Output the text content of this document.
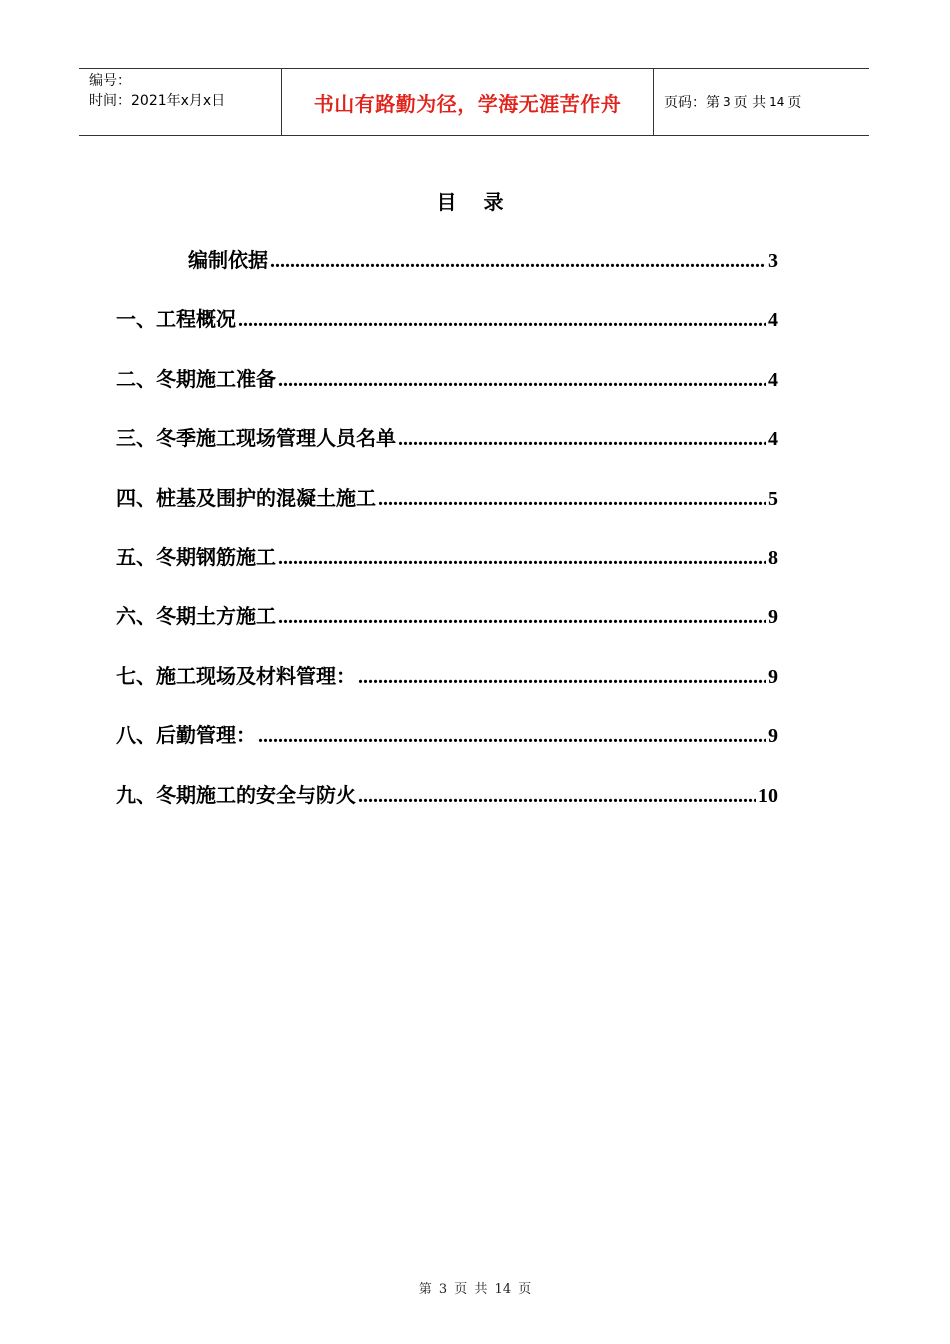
编号：
时间：2021年x月x日	书山有路勤为径，学海无涯苦作舟	页码：第 3 页 共 14 页
目 录
编制依据 .....	3
一、工程概况 .....	4
二、冬期施工准备 .....	4
三、冬季施工现场管理人员名单 .....	4
四、桩基及围护的混凝土施工 .....	5
五、冬期钢筋施工 .....	8
六、冬期土方施工 .....	9
七、施工现场及材料管理： .....	9
八、后勤管理： .....	9
九、冬期施工的安全与防火 .....	10
第 3 页 共 14 页
